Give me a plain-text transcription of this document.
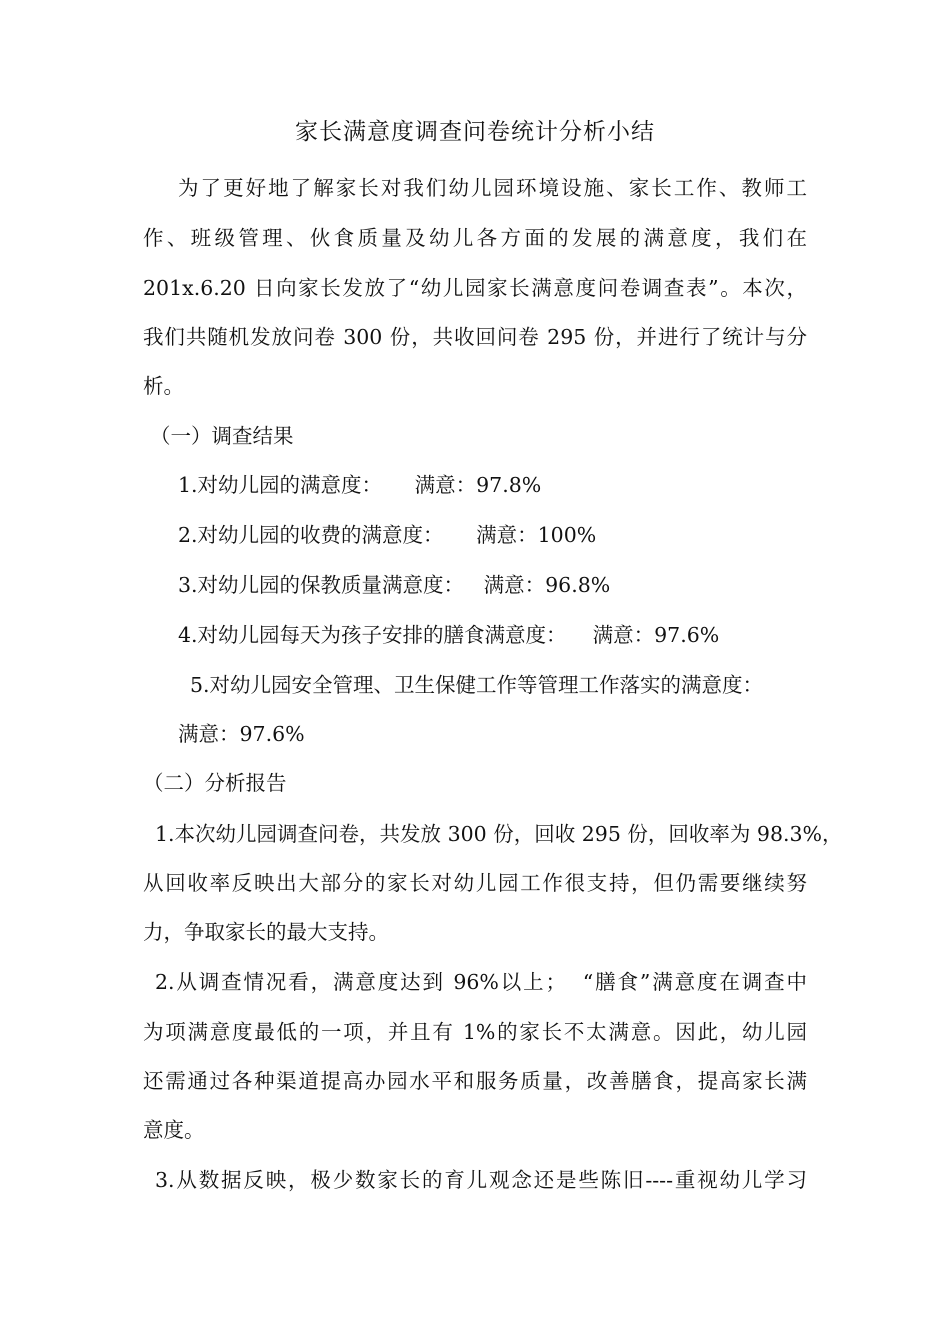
家长满意度调查问卷统计分析小结
为了更好地了解家长对我们幼儿园环境设施、家长工作、教师工
作、班级管理、伙食质量及幼儿各方面的发展的满意度，我们在
201x.6.20 日向家长发放了“幼儿园家长满意度问卷调查表”。本次，
我们共随机发放问卷 300 份，共收回问卷 295 份，并进行了统计与分
析。
（一）调查结果
1.对幼儿园的满意度：     满意：97.8%
2.对幼儿园的收费的满意度：     满意：100%
3.对幼儿园的保教质量满意度：   满意：96.8%
4.对幼儿园每天为孩子安排的膳食满意度：    满意：97.6%
5.对幼儿园安全管理、卫生保健工作等管理工作落实的满意度：
满意：97.6%
（二）分析报告
1.本次幼儿园调查问卷，共发放 300 份，回收 295 份，回收率为 98.3%，
从回收率反映出大部分的家长对幼儿园工作很支持，但仍需要继续努
力，争取家长的最大支持。
2.从调查情况看，满意度达到 96%以上；  “膳食”满意度在调查中
为项满意度最低的一项，并且有 1%的家长不太满意。因此，幼儿园
还需通过各种渠道提高办园水平和服务质量，改善膳食，提高家长满
意度。
3.从数据反映，极少数家长的育儿观念还是些陈旧----重视幼儿学习
